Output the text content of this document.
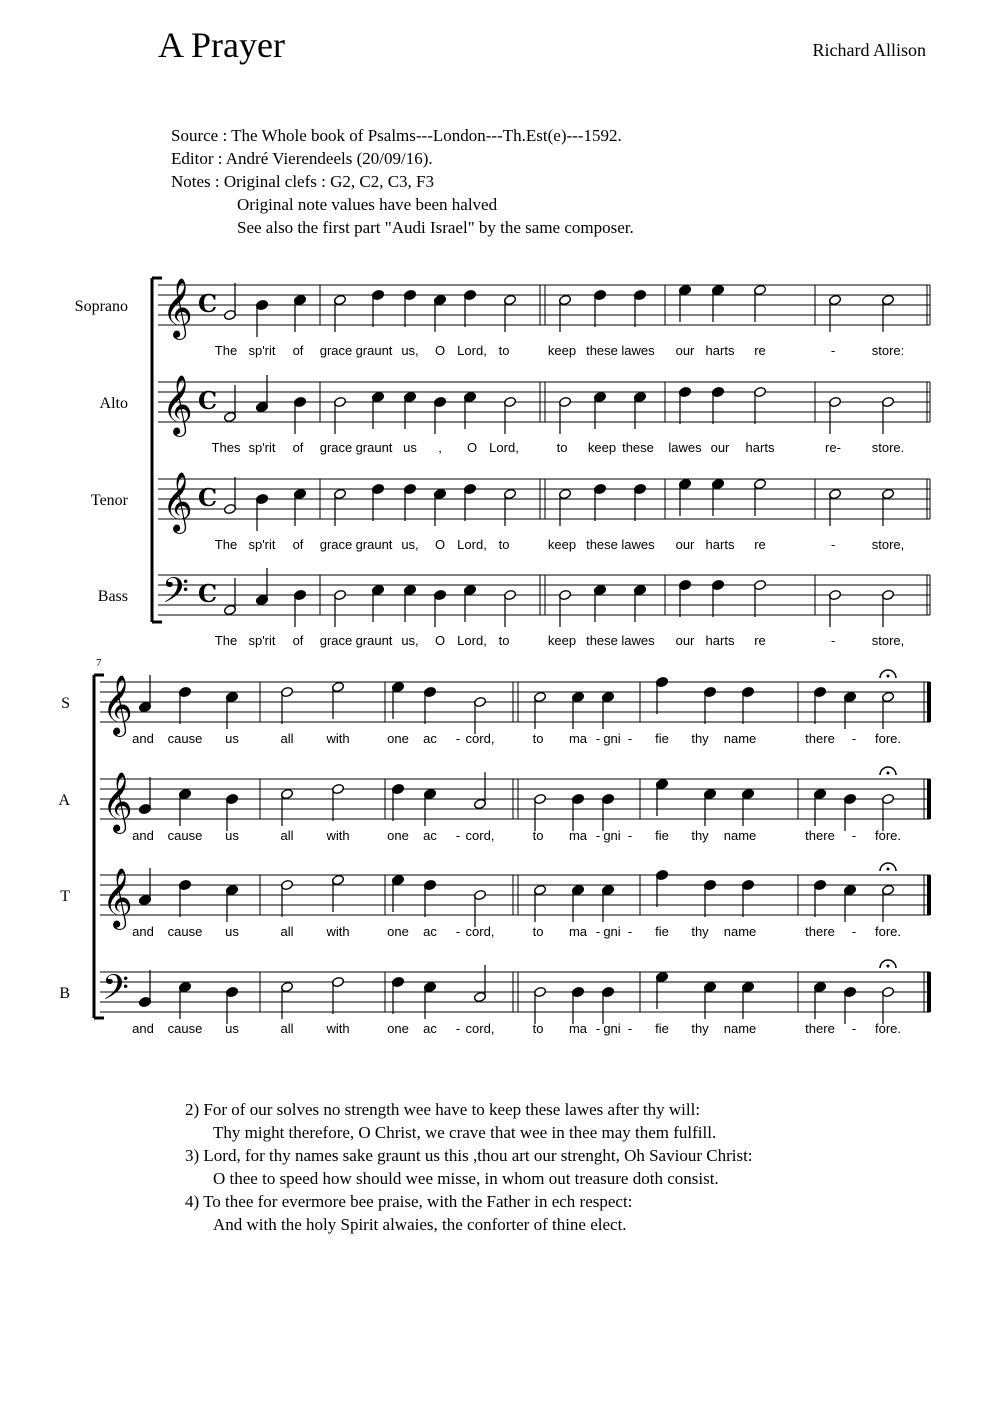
A Prayer	Richard Allison
Source : The Whole book of Psalms---London---Th.Est(e)---1592.
Editor : André Vierendeels (20/09/16).
Notes : Original clefs : G2, C2, C3, F3
Original note values have been halved
See also the first part "Audi Israel" by the same composer.
𝄞 C
𝄞 C
𝄞 C
𝄢 C
𝄞
𝄞
𝄞
𝄢
Soprano
Alto
Tenor
Bass
S
A
T
B
7
The sp'rit of grace graunt us, O Lord, to	keep these lawes our harts re	-	store:
Thes sp'rit of grace graunt us , O Lord,	to keep these lawes our harts	re- store.
The sp'rit of grace graunt us, O Lord, to	keep these lawes our harts re	-	store,
The sp'rit of grace graunt us, O Lord, to	keep these lawes our harts re	-	store,
and cause us	all	with	one ac - cord,	to ma - gni - fie thy name	there - fore.
and cause us	all	with	one ac - cord,	to ma - gni - fie thy name	there - fore.
and cause us	all	with	one ac - cord,	to ma - gni - fie thy name	there - fore.
and cause us	all	with	one ac - cord,	to ma - gni - fie thy name	there - fore.
2) For of our solves no strength wee have to keep these lawes after thy will:
Thy might therefore, O Christ, we crave that wee in thee may them fulfill.
3) Lord, for thy names sake graunt us this ,thou art our strenght, Oh Saviour Christ:
O thee to speed how should wee misse, in whom out treasure doth consist.
4) To thee for evermore bee praise, with the Father in ech respect:
And with the holy Spirit alwaies, the conforter of thine elect.
